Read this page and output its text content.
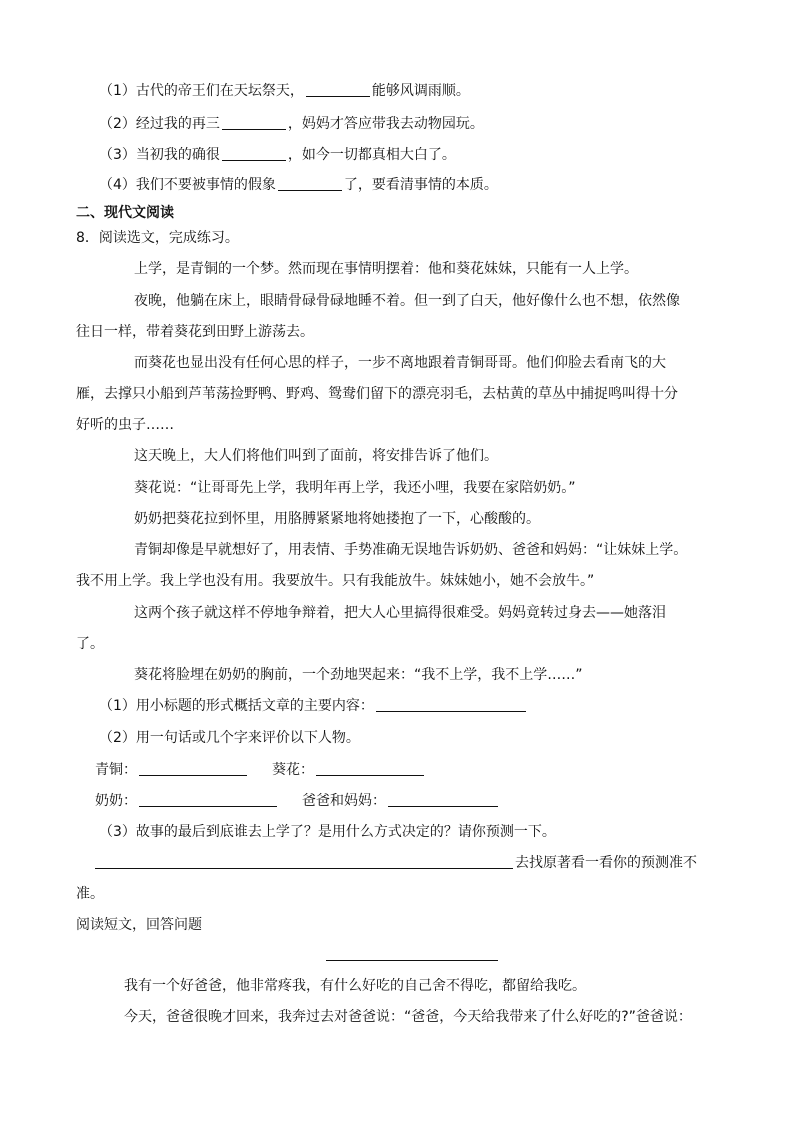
（1）古代的帝王们在天坛祭天，	能够风调雨顺。
（2）经过我的再三	，妈妈才答应带我去动物园玩。
（3）当初我的确很	，如今一切都真相大白了。
（4）我们不要被事情的假象	了，要看清事情的本质。
二、现代文阅读
8．阅读选文，完成练习。
上学，是青铜的一个梦。然而现在事情明摆着：他和葵花妹妹，只能有一人上学。
夜晚，他躺在床上，眼睛骨碌骨碌地睡不着。但一到了白天，他好像什么也不想，依然像
往日一样，带着葵花到田野上游荡去。
而葵花也显出没有任何心思的样子，一步不离地跟着青铜哥哥。他们仰脸去看南飞的大
雁，去撑只小船到芦苇荡捡野鸭、野鸡、鸳鸯们留下的漂亮羽毛，去枯黄的草丛中捕捉鸣叫得十分
好听的虫子……
这天晚上，大人们将他们叫到了面前，将安排告诉了他们。
葵花说：“让哥哥先上学，我明年再上学，我还小哩，我要在家陪奶奶。”
奶奶把葵花拉到怀里，用胳膊紧紧地将她搂抱了一下，心酸酸的。
青铜却像是早就想好了，用表情、手势准确无误地告诉奶奶、爸爸和妈妈：“让妹妹上学。
我不用上学。我上学也没有用。我要放牛。只有我能放牛。妹妹她小，她不会放牛。”
这两个孩子就这样不停地争辩着，把大人心里搞得很难受。妈妈竟转过身去——她落泪
了。
葵花将脸埋在奶奶的胸前，一个劲地哭起来：“我不上学，我不上学……”
（1）用小标题的形式概括文章的主要内容：
（2）用一句话或几个字来评价以下人物。
青铜：	葵花：
奶奶：	爸爸和妈妈：
（3）故事的最后到底谁去上学了？是用什么方式决定的？请你预测一下。
去找原著看一看你的预测准不
准。
阅读短文，回答问题
我有一个好爸爸，他非常疼我，有什么好吃的自己舍不得吃，都留给我吃。
今天，爸爸很晚才回来，我奔过去对爸爸说：“爸爸，今天给我带来了什么好吃的?”爸爸说：
